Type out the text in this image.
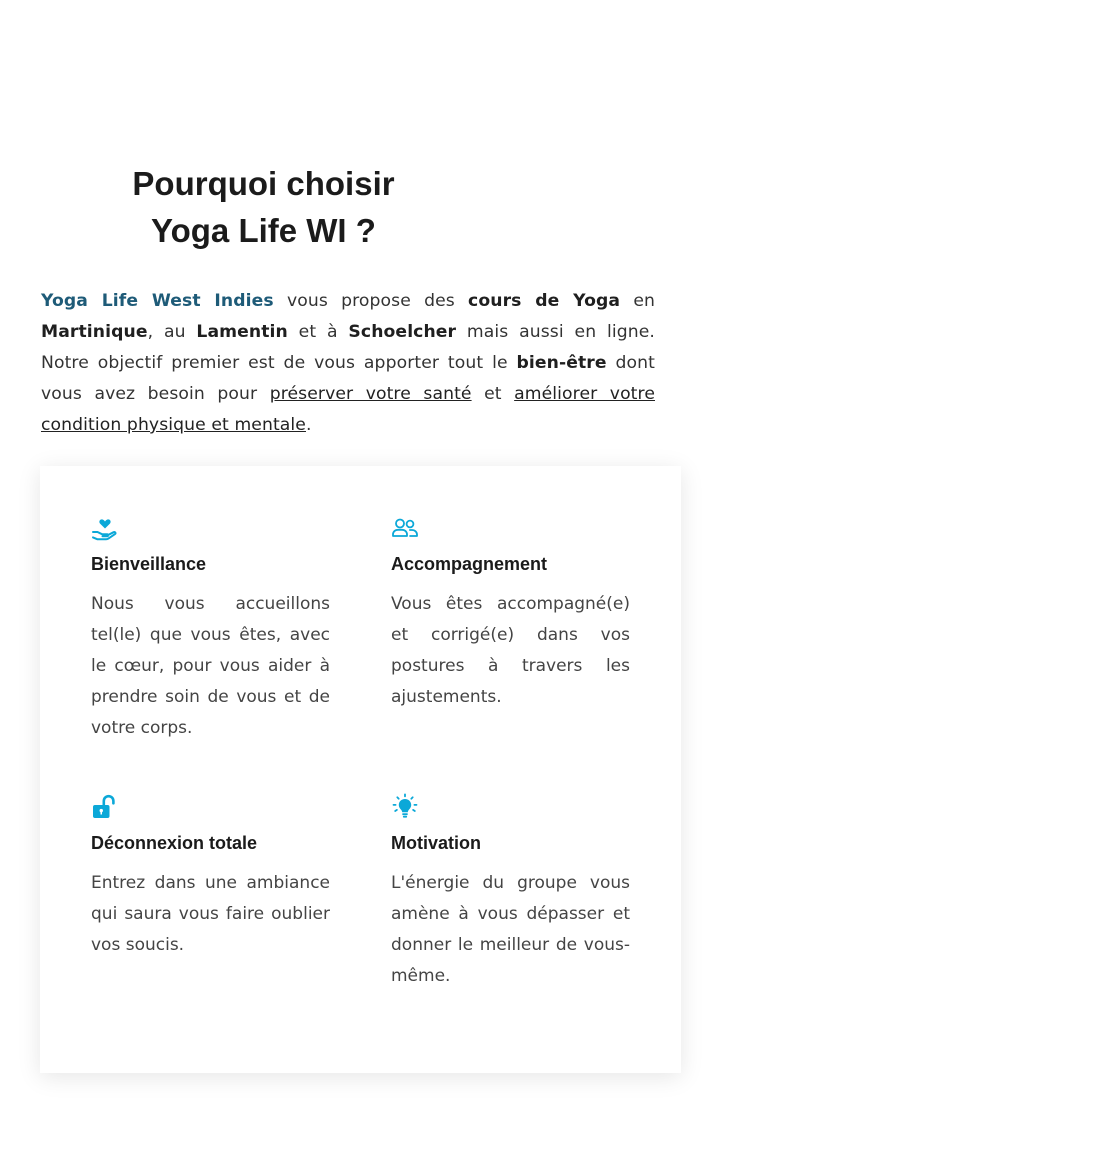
Pourquoi choisir
Yoga Life WI ?

Yoga Life West Indies vous propose des cours de Yoga en Martinique, au Lamentin et à Schoelcher mais aussi en ligne. Notre objectif premier est de vous apporter tout le bien-être dont vous avez besoin pour préserver votre santé et améliorer votre condition physique et mentale.

Bienveillance

Nous vous accueillons tel(le) que vous êtes, avec le cœur, pour vous aider à prendre soin de vous et de votre corps.

Accompagnement

Vous êtes accompagné(e) et corrigé(e) dans vos postures à travers les ajustements.

Déconnexion totale

Entrez dans une ambiance qui saura vous faire oublier vos soucis.

Motivation

L'énergie du groupe vous amène à vous dépasser et donner le meilleur de vous-même.
